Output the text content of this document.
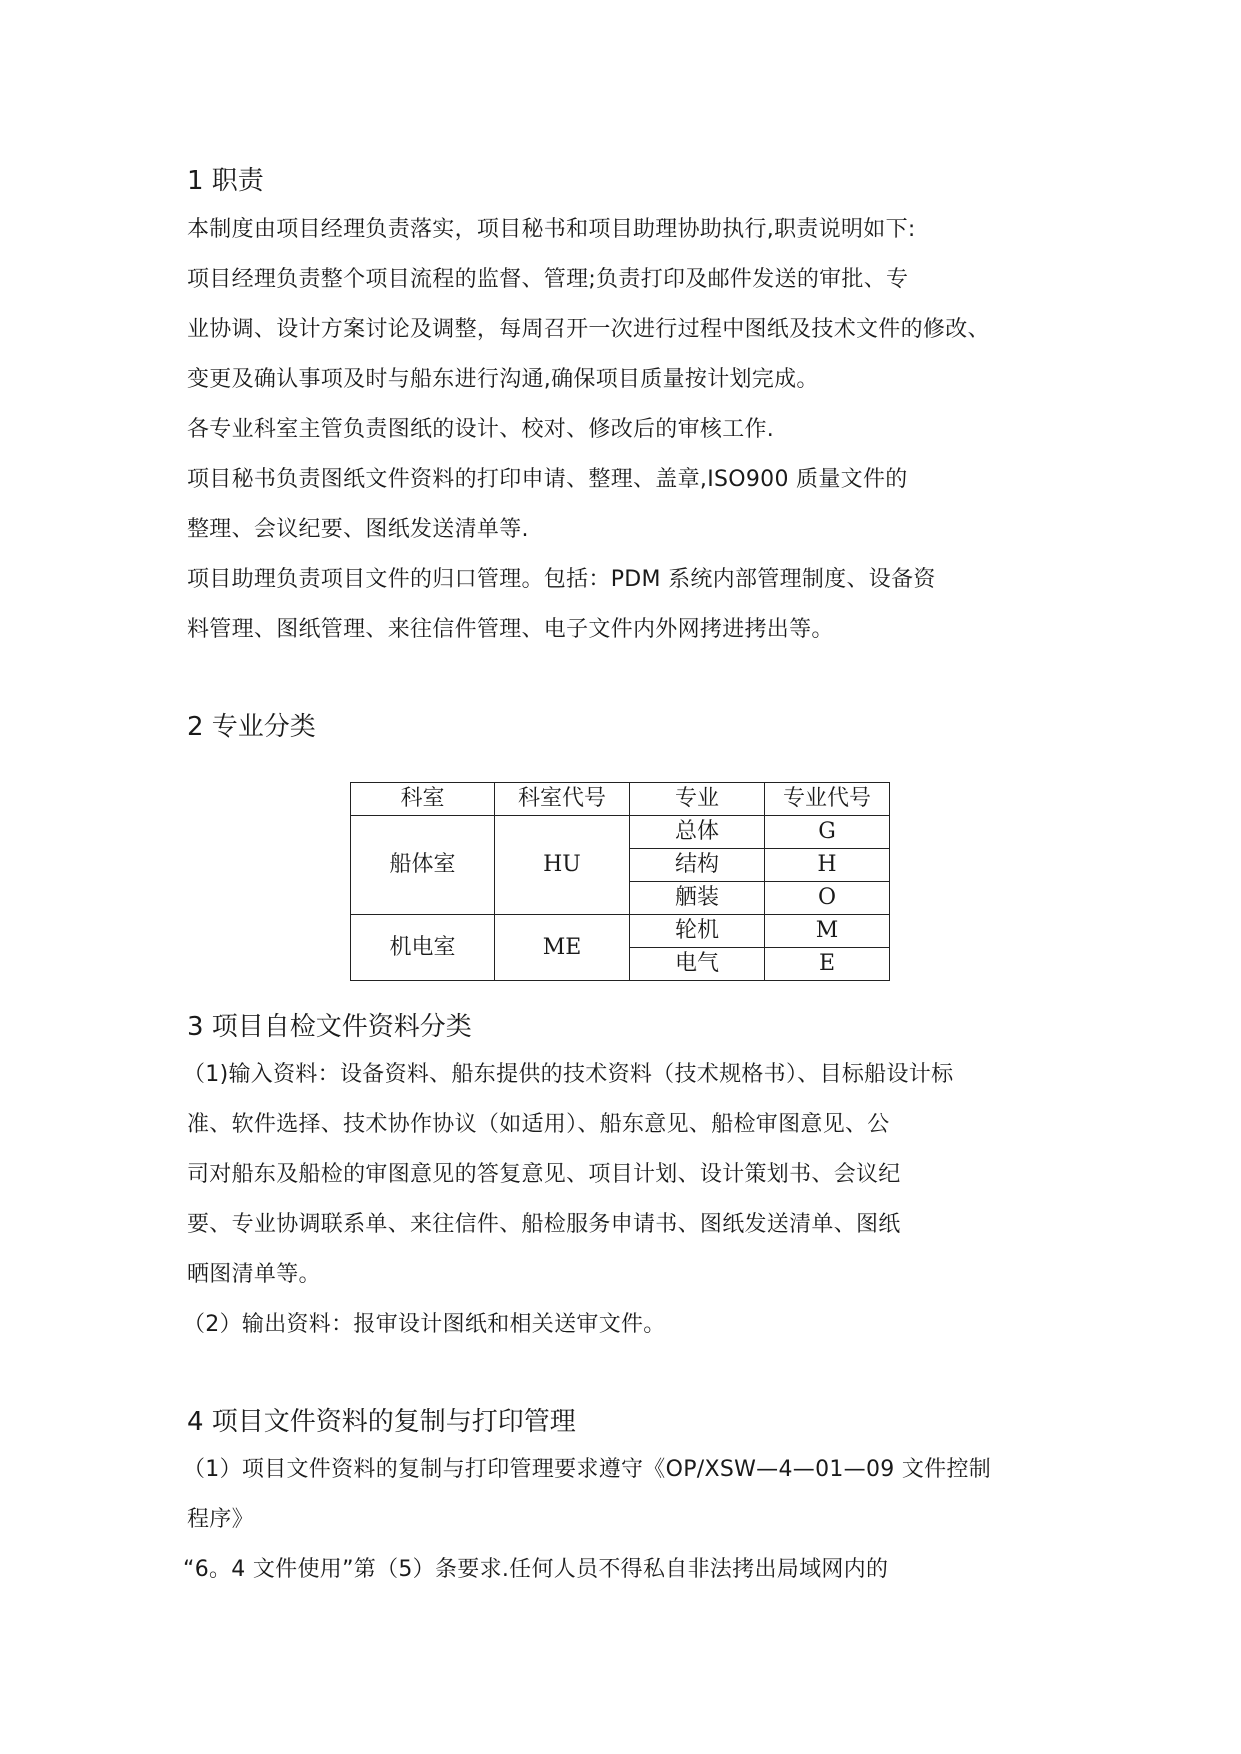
1 职责
本制度由项目经理负责落实，项目秘书和项目助理协助执行,职责说明如下:
项目经理负责整个项目流程的监督、管理;负责打印及邮件发送的审批、专
业协调、设计方案讨论及调整，每周召开一次进行过程中图纸及技术文件的修改、
变更及确认事项及时与船东进行沟通,确保项目质量按计划完成。
各专业科室主管负责图纸的设计、校对、修改后的审核工作.
项目秘书负责图纸文件资料的打印申请、整理、盖章,ISO900 质量文件的
整理、会议纪要、图纸发送清单等.
项目助理负责项目文件的归口管理。包括：PDM 系统内部管理制度、设备资
料管理、图纸管理、来往信件管理、电子文件内外网拷进拷出等。
2 专业分类
科室	科室代号	专业	专业代号
船体室	HU	总体	G
		结构	H
		舾装	O
机电室	ME	轮机	M
		电气	E
3 项目自检文件资料分类
（1)输入资料：设备资料、船东提供的技术资料（技术规格书）、目标船设计标
准、软件选择、技术协作协议（如适用）、船东意见、船检审图意见、公
司对船东及船检的审图意见的答复意见、项目计划、设计策划书、会议纪
要、专业协调联系单、来往信件、船检服务申请书、图纸发送清单、图纸
晒图清单等。
（2）输出资料：报审设计图纸和相关送审文件。
4 项目文件资料的复制与打印管理
（1）项目文件资料的复制与打印管理要求遵守《OP/XSW—4—01—09 文件控制
程序》
“6。4 文件使用”第（5）条要求.任何人员不得私自非法拷出局域网内的
